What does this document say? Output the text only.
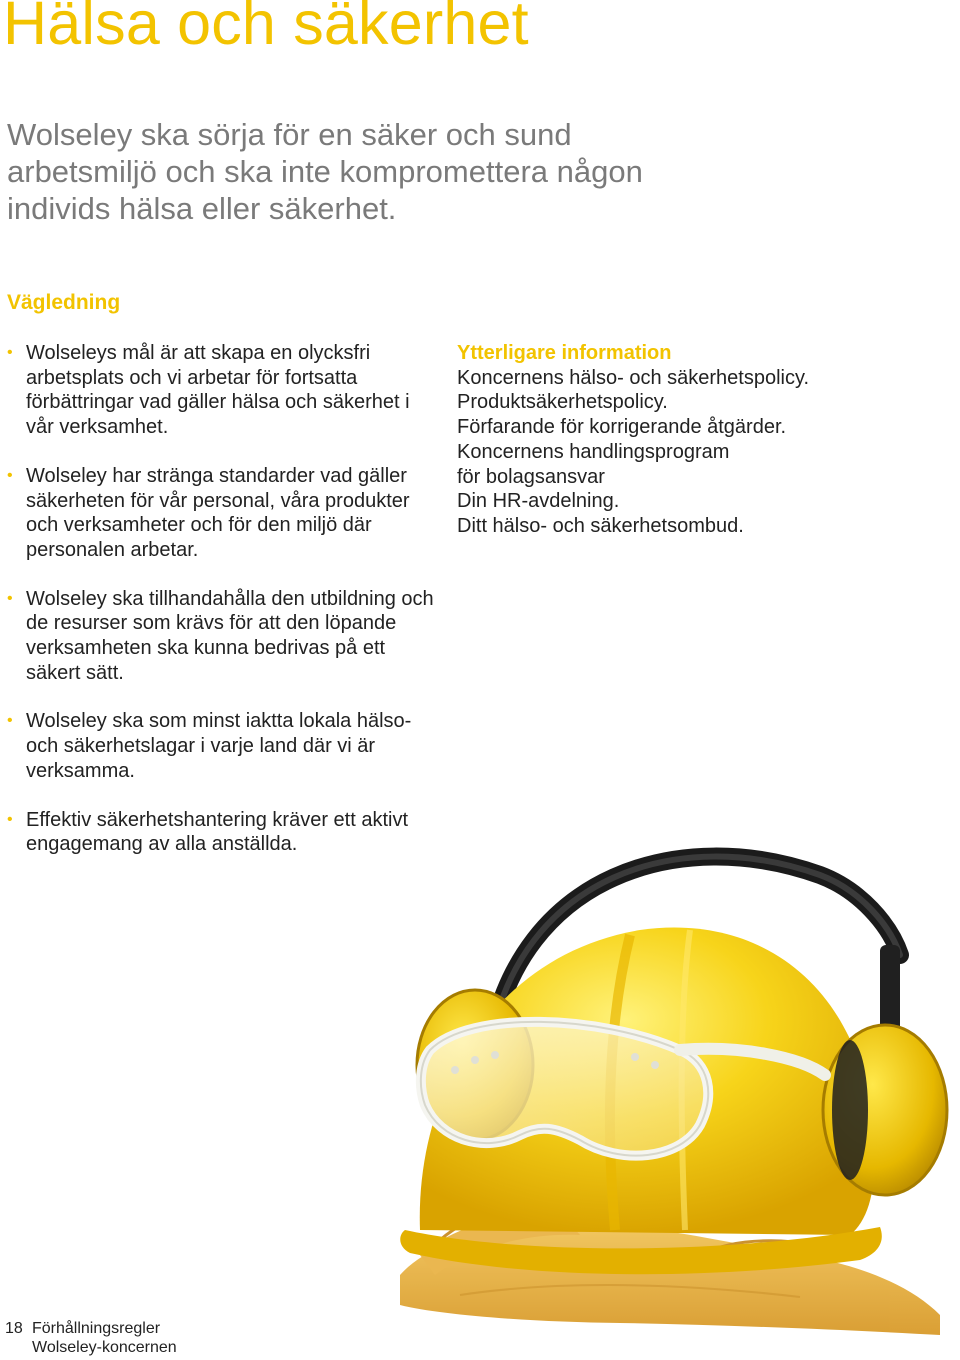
Hälsa och säkerhet

Wolseley ska sörja för en säker och sund arbetsmiljö och ska inte kompromettera någon individs hälsa eller säkerhet.

Vägledning
• Wolseleys mål är att skapa en olycksfri arbetsplats och vi arbetar för fortsatta förbättringar vad gäller hälsa och säkerhet i vår verksamhet.
• Wolseley har stränga standarder vad gäller säkerheten för vår personal, våra produkter och verksamheter och för den miljö där personalen arbetar.
• Wolseley ska tillhandahålla den utbildning och de resurser som krävs för att den löpande verksamheten ska kunna bedrivas på ett säkert sätt.
• Wolseley ska som minst iaktta lokala hälso- och säkerhetslagar i varje land där vi är verksamma.
• Effektiv säkerhetshantering kräver ett aktivt engagemang av alla anställda.

Ytterligare information

Koncernens hälso- och säkerhetspolicy.

Produktsäkerhetspolicy.

Förfarande för korrigerande åtgärder.

Koncernens handlingsprogram

för bolagsansvar

Din HR-avdelning.

Ditt hälso- och säkerhetsombud.

18 Förhållningsregler
Wolseley-koncernen
